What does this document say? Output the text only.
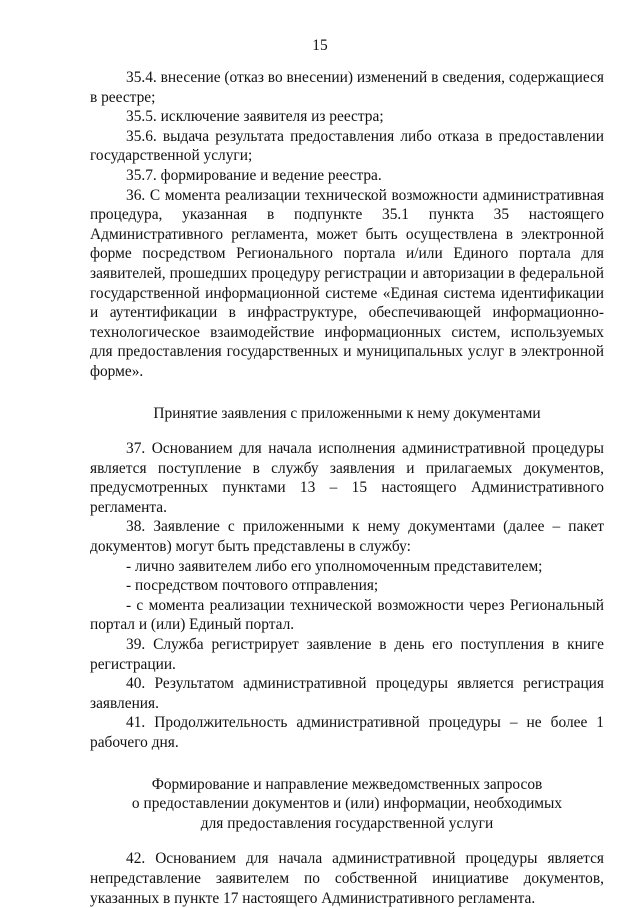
15

35.4. внесение (отказ во внесении) изменений в сведения, содержащиеся в реестре;

35.5. исключение заявителя из реестра;

35.6. выдача результата предоставления либо отказа в предоставлении государственной услуги;

35.7. формирование и ведение реестра.

36. С момента реализации технической возможности административная процедура, указанная в подпункте 35.1 пункта 35 настоящего Административного регламента, может быть осуществлена в электронной форме посредством Регионального портала и/или Единого портала для заявителей, прошедших процедуру регистрации и авторизации в федеральной государственной информационной системе «Единая система идентификации и аутентификации в инфраструктуре, обеспечивающей информационно-технологическое взаимодействие информационных систем, используемых для предоставления государственных и муниципальных услуг в электронной форме».

Принятие заявления с приложенными к нему документами

37. Основанием для начала исполнения административной процедуры является поступление в службу заявления и прилагаемых документов, предусмотренных пунктами 13 – 15 настоящего Административного регламента.

38. Заявление с приложенными к нему документами (далее – пакет документов) могут быть представлены в службу:

- лично заявителем либо его уполномоченным представителем;

- посредством почтового отправления;

- с момента реализации технической возможности через Региональный портал и (или) Единый портал.

39. Служба регистрирует заявление в день его поступления в книге регистрации.

40. Результатом административной процедуры является регистрация заявления.

41. Продолжительность административной процедуры – не более 1 рабочего дня.

Формирование и направление межведомственных запросов

о предоставлении документов и (или) информации, необходимых

для предоставления государственной услуги

42. Основанием для начала административной процедуры является непредставление заявителем по собственной инициативе документов, указанных в пункте 17 настоящего Административного регламента.
